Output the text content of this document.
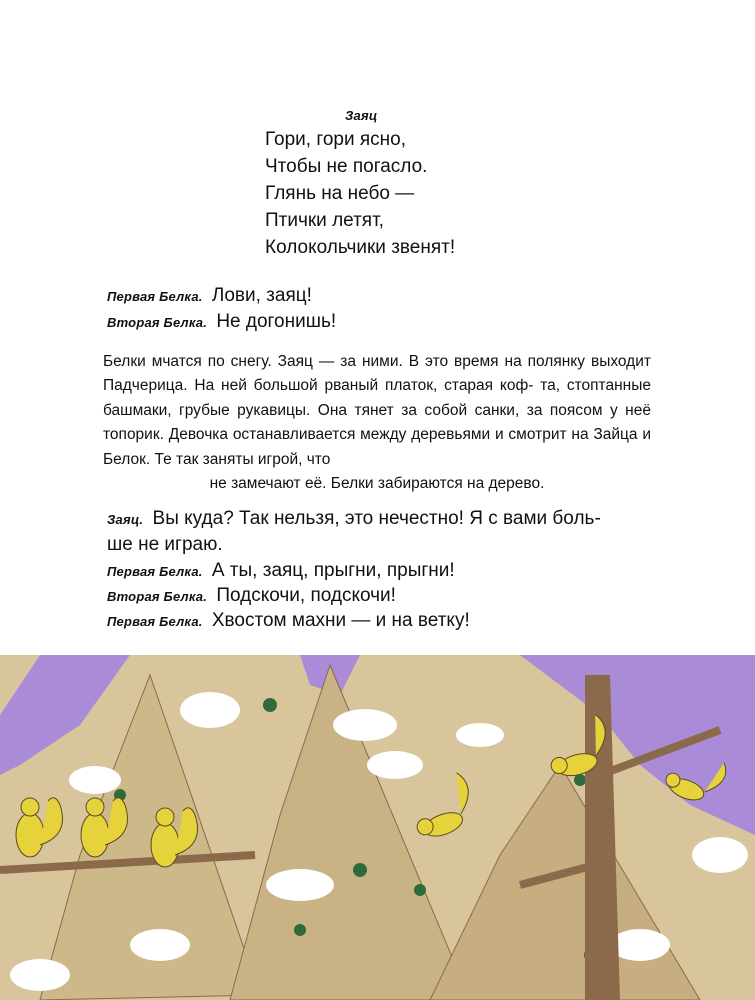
Заяц
Гори, гори ясно,
Чтобы не погасло.
Глянь на небо —
Птички летят,
Колокольчики звенят!
Первая Белка. Лови, заяц!
Вторая Белка. Не догонишь!

Белки мчатся по снегу. Заяц — за ними. В это время на полянку выходит Падчерица. На ней большой рваный платок, старая коф- та, стоптанные башмаки, грубые рукавицы. Она тянет за собой санки, за поясом у неё топорик. Девочка останавливается между деревьями и смотрит на Зайца и Белок. Те так заняты игрой, что
не замечают её. Белки забираются на дерево.

Заяц. Вы куда? Так нельзя, это нечестно! Я с вами боль-
ше не играю.
Первая Белка. А ты, заяц, прыгни, прыгни!
Вторая Белка. Подскочи, подскочи!
Первая Белка. Хвостом махни — и на ветку!
